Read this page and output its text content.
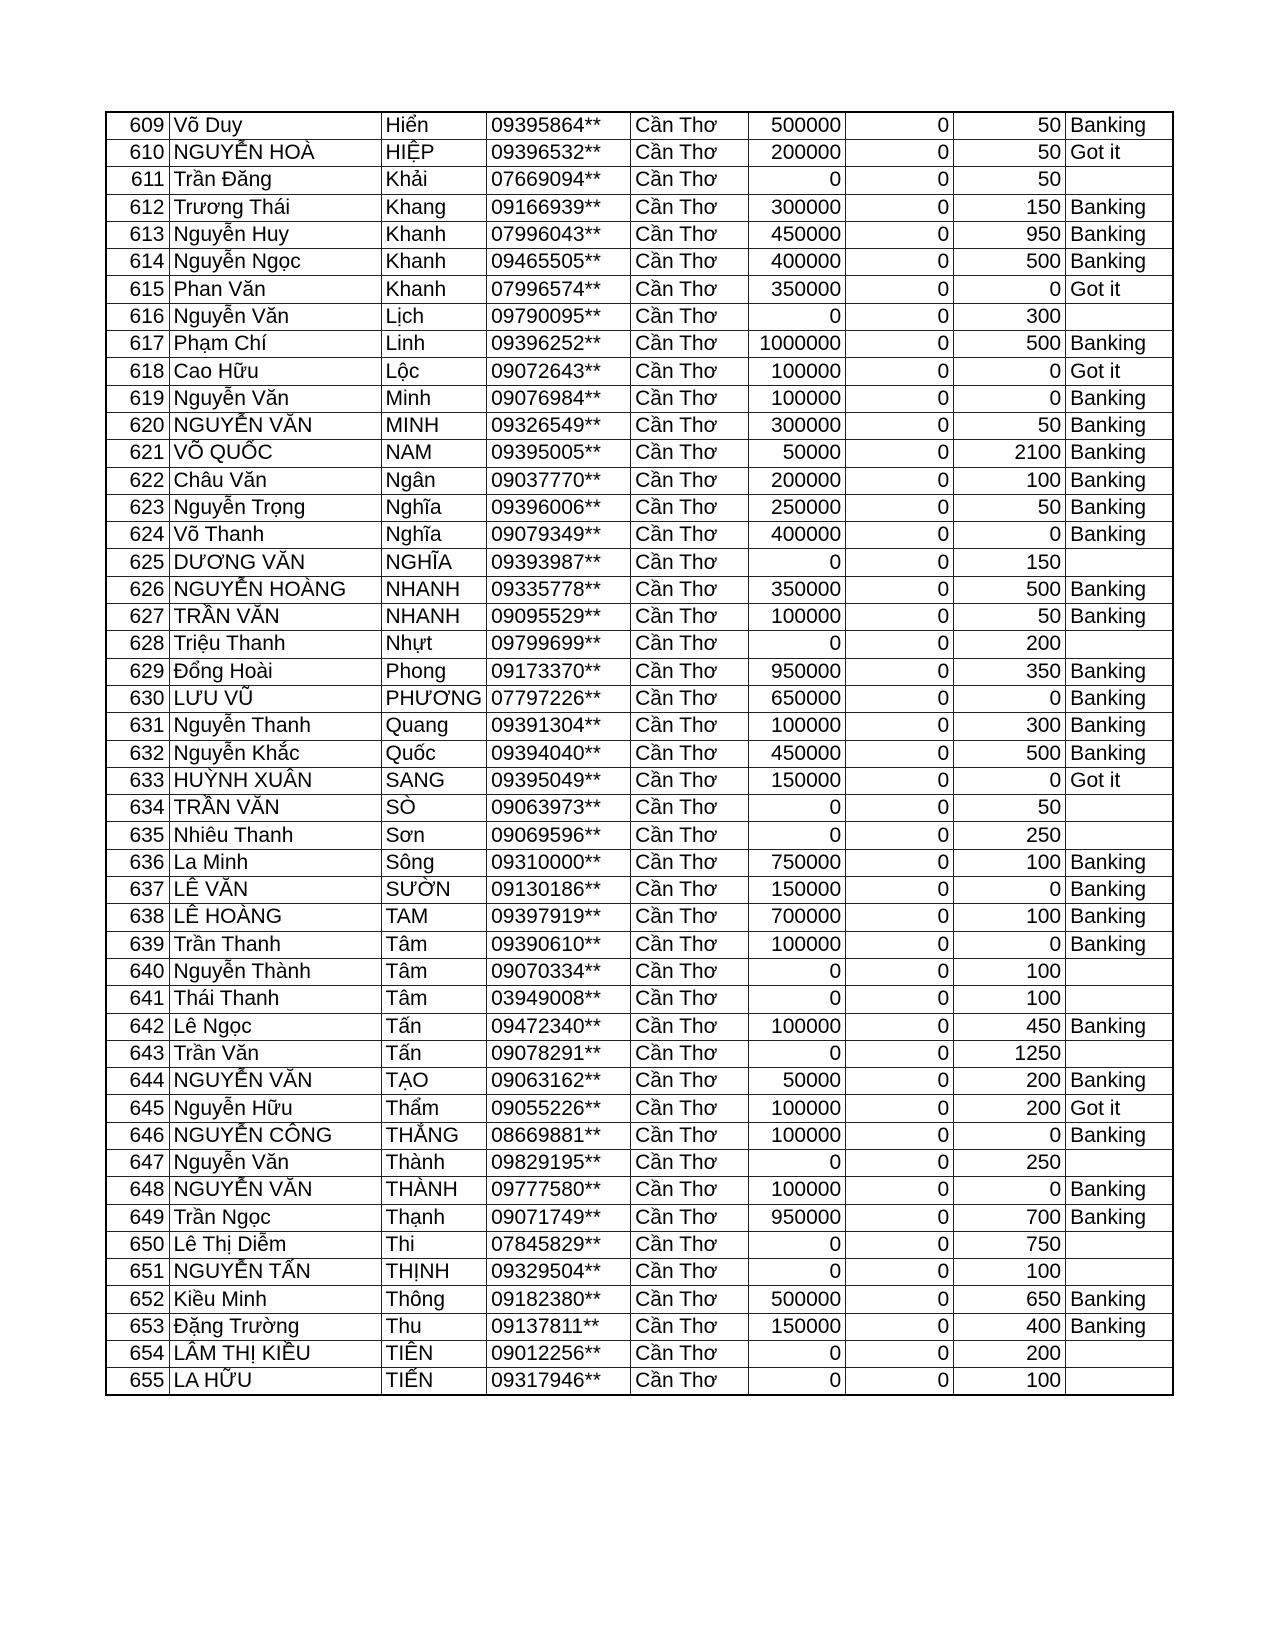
609	Võ Duy	Hiển	09395864**	Cần Thơ	500000	0	50	Banking
610	NGUYỄN HOÀ	HIỆP	09396532**	Cần Thơ	200000	0	50	Got it
611	Trần Đăng	Khải	07669094**	Cần Thơ	0	0	50	
612	Trương Thái	Khang	09166939**	Cần Thơ	300000	0	150	Banking
613	Nguyễn Huy	Khanh	07996043**	Cần Thơ	450000	0	950	Banking
614	Nguyễn Ngọc	Khanh	09465505**	Cần Thơ	400000	0	500	Banking
615	Phan Văn	Khanh	07996574**	Cần Thơ	350000	0	0	Got it
616	Nguyễn Văn	Lịch	09790095**	Cần Thơ	0	0	300	
617	Phạm Chí	Linh	09396252**	Cần Thơ	1000000	0	500	Banking
618	Cao Hữu	Lộc	09072643**	Cần Thơ	100000	0	0	Got it
619	Nguyễn Văn	Minh	09076984**	Cần Thơ	100000	0	0	Banking
620	NGUYỄN VĂN	MINH	09326549**	Cần Thơ	300000	0	50	Banking
621	VÕ QUỐC	NAM	09395005**	Cần Thơ	50000	0	2100	Banking
622	Châu Văn	Ngân	09037770**	Cần Thơ	200000	0	100	Banking
623	Nguyễn Trọng	Nghĩa	09396006**	Cần Thơ	250000	0	50	Banking
624	Võ Thanh	Nghĩa	09079349**	Cần Thơ	400000	0	0	Banking
625	DƯƠNG VĂN	NGHĨA	09393987**	Cần Thơ	0	0	150	
626	NGUYỄN HOÀNG	NHANH	09335778**	Cần Thơ	350000	0	500	Banking
627	TRẦN VĂN	NHANH	09095529**	Cần Thơ	100000	0	50	Banking
628	Triệu Thanh	Nhựt	09799699**	Cần Thơ	0	0	200	
629	Đổng Hoài	Phong	09173370**	Cần Thơ	950000	0	350	Banking
630	LƯU VŨ	PHƯƠNG	07797226**	Cần Thơ	650000	0	0	Banking
631	Nguyễn Thanh	Quang	09391304**	Cần Thơ	100000	0	300	Banking
632	Nguyễn Khắc	Quốc	09394040**	Cần Thơ	450000	0	500	Banking
633	HUỲNH XUÂN	SANG	09395049**	Cần Thơ	150000	0	0	Got it
634	TRẦN VĂN	SÒ	09063973**	Cần Thơ	0	0	50	
635	Nhiêu Thanh	Sơn	09069596**	Cần Thơ	0	0	250	
636	La Minh	Sông	09310000**	Cần Thơ	750000	0	100	Banking
637	LÊ VĂN	SƯỜN	09130186**	Cần Thơ	150000	0	0	Banking
638	LÊ HOÀNG	TAM	09397919**	Cần Thơ	700000	0	100	Banking
639	Trần Thanh	Tâm	09390610**	Cần Thơ	100000	0	0	Banking
640	Nguyễn Thành	Tâm	09070334**	Cần Thơ	0	0	100	
641	Thái Thanh	Tâm	03949008**	Cần Thơ	0	0	100	
642	Lê Ngọc	Tấn	09472340**	Cần Thơ	100000	0	450	Banking
643	Trần Văn	Tấn	09078291**	Cần Thơ	0	0	1250	
644	NGUYỄN VĂN	TẠO	09063162**	Cần Thơ	50000	0	200	Banking
645	Nguyễn Hữu	Thẩm	09055226**	Cần Thơ	100000	0	200	Got it
646	NGUYỄN CÔNG	THẮNG	08669881**	Cần Thơ	100000	0	0	Banking
647	Nguyễn Văn	Thành	09829195**	Cần Thơ	0	0	250	
648	NGUYỄN VĂN	THÀNH	09777580**	Cần Thơ	100000	0	0	Banking
649	Trần Ngọc	Thạnh	09071749**	Cần Thơ	950000	0	700	Banking
650	Lê Thị Diễm	Thi	07845829**	Cần Thơ	0	0	750	
651	NGUYỄN TẤN	THỊNH	09329504**	Cần Thơ	0	0	100	
652	Kiều Minh	Thông	09182380**	Cần Thơ	500000	0	650	Banking
653	Đặng Trường	Thu	09137811**	Cần Thơ	150000	0	400	Banking
654	LÂM THỊ KIỀU	TIÊN	09012256**	Cần Thơ	0	0	200	
655	LA HỮU	TIẾN	09317946**	Cần Thơ	0	0	100	
